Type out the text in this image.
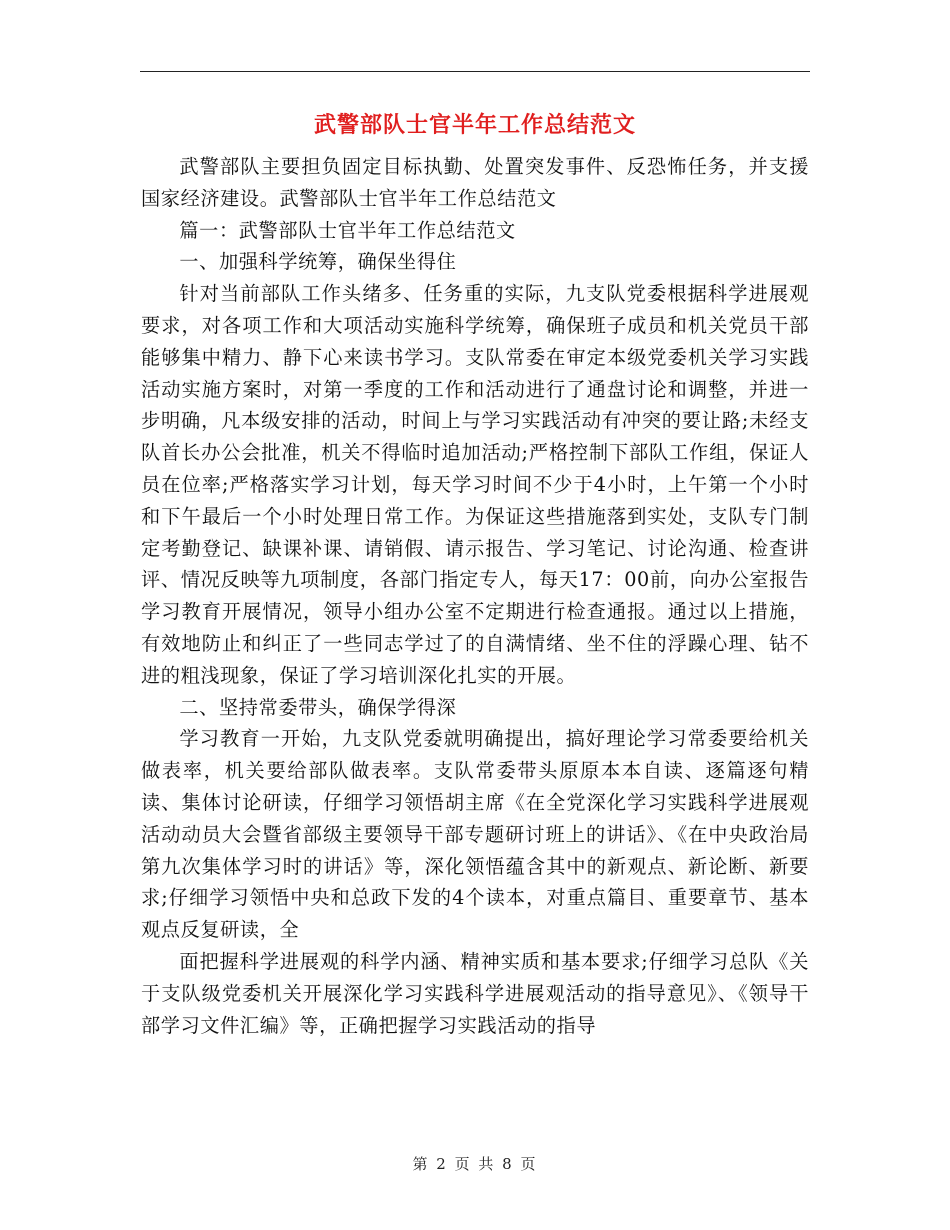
武警部队士官半年工作总结范文

武警部队主要担负固定目标执勤、处置突发事件、反恐怖任务，并支援国家经济建设。武警部队士官半年工作总结范文

篇一：武警部队士官半年工作总结范文

一、加强科学统筹，确保坐得住

针对当前部队工作头绪多、任务重的实际，九支队党委根据科学进展观要求，对各项工作和大项活动实施科学统筹，确保班子成员和机关党员干部能够集中精力、静下心来读书学习。支队常委在审定本级党委机关学习实践活动实施方案时，对第一季度的工作和活动进行了通盘讨论和调整，并进一步明确，凡本级安排的活动，时间上与学习实践活动有冲突的要让路;未经支队首长办公会批准，机关不得临时追加活动;严格控制下部队工作组，保证人员在位率;严格落实学习计划，每天学习时间不少于4小时，上午第一个小时和下午最后一个小时处理日常工作。为保证这些措施落到实处，支队专门制定考勤登记、缺课补课、请销假、请示报告、学习笔记、讨论沟通、检查讲评、情况反映等九项制度，各部门指定专人，每天17：00前，向办公室报告学习教育开展情况，领导小组办公室不定期进行检查通报。通过以上措施，有效地防止和纠正了一些同志学过了的自满情绪、坐不住的浮躁心理、钻不进的粗浅现象，保证了学习培训深化扎实的开展。

二、坚持常委带头，确保学得深

学习教育一开始，九支队党委就明确提出，搞好理论学习常委要给机关做表率，机关要给部队做表率。支队常委带头原原本本自读、逐篇逐句精读、集体讨论研读，仔细学习领悟胡主席《在全党深化学习实践科学进展观活动动员大会暨省部级主要领导干部专题研讨班上的讲话》、《在中央政治局第九次集体学习时的讲话》等，深化领悟蕴含其中的新观点、新论断、新要求;仔细学习领悟中央和总政下发的4个读本，对重点篇目、重要章节、基本观点反复研读，全

面把握科学进展观的科学内涵、精神实质和基本要求;仔细学习总队《关于支队级党委机关开展深化学习实践科学进展观活动的指导意见》、《领导干部学习文件汇编》等，正确把握学习实践活动的指导

第 2 页 共 8 页
